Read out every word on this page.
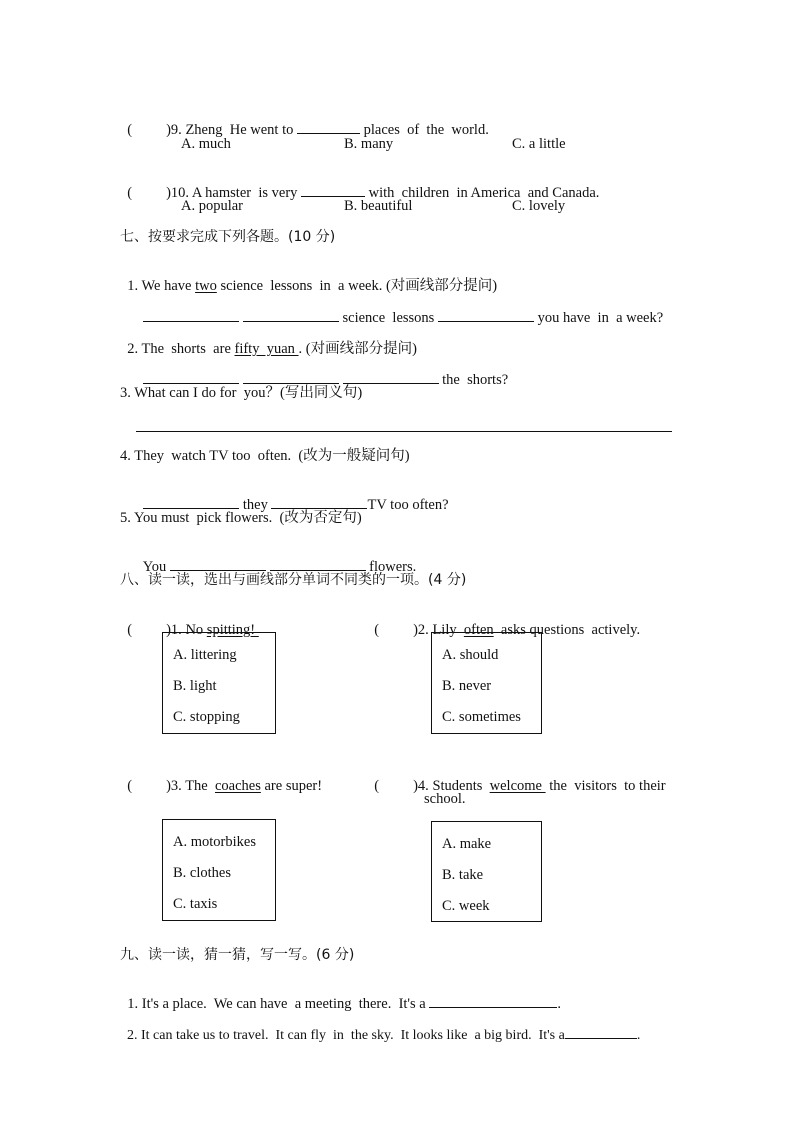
( )9. Zheng  He went to	places  of  the  world.

A. much	B. many	C. a little

( )10. A hamster  is very	with  children  in America  and Canada.

A. popular	B. beautiful	C. lovely
七、按要求完成下列各题。(10 分)

1. We have two science  lessons  in  a week. (对画线部分提问)

science  lessons	you have  in  a week?

2. The  shorts  are fifty  yuan . (对画线部分提问)

the  shorts?

3. What can I do for  you？(写出同义句)
4. They  watch TV too  often.  (改为一般疑问句)

they	TV too often?

5. You must  pick flowers.  (改为否定句)

You	flowers.

八、读一读，选出与画线部分单词不同类的一项。(4 分)

( )1. No spitting!	( )2. Lily  often  asks questions  actively.

A. littering
B. light
C. stopping
A. should
B. never
C. sometimes

( )3. The  coaches are super!	( )4. Students  welcome  the  visitors  to their

school.
A. motorbikes
B. clothes
C. taxis
A. make
B. take
C. week
九、读一读，猜一猜，写一写。(6 分)

1. It's a place.  We can have  a meeting  there.  It's a	.

2. It can take us to travel.  It can fly  in  the sky.  It looks like  a big bird.  It's a	.
